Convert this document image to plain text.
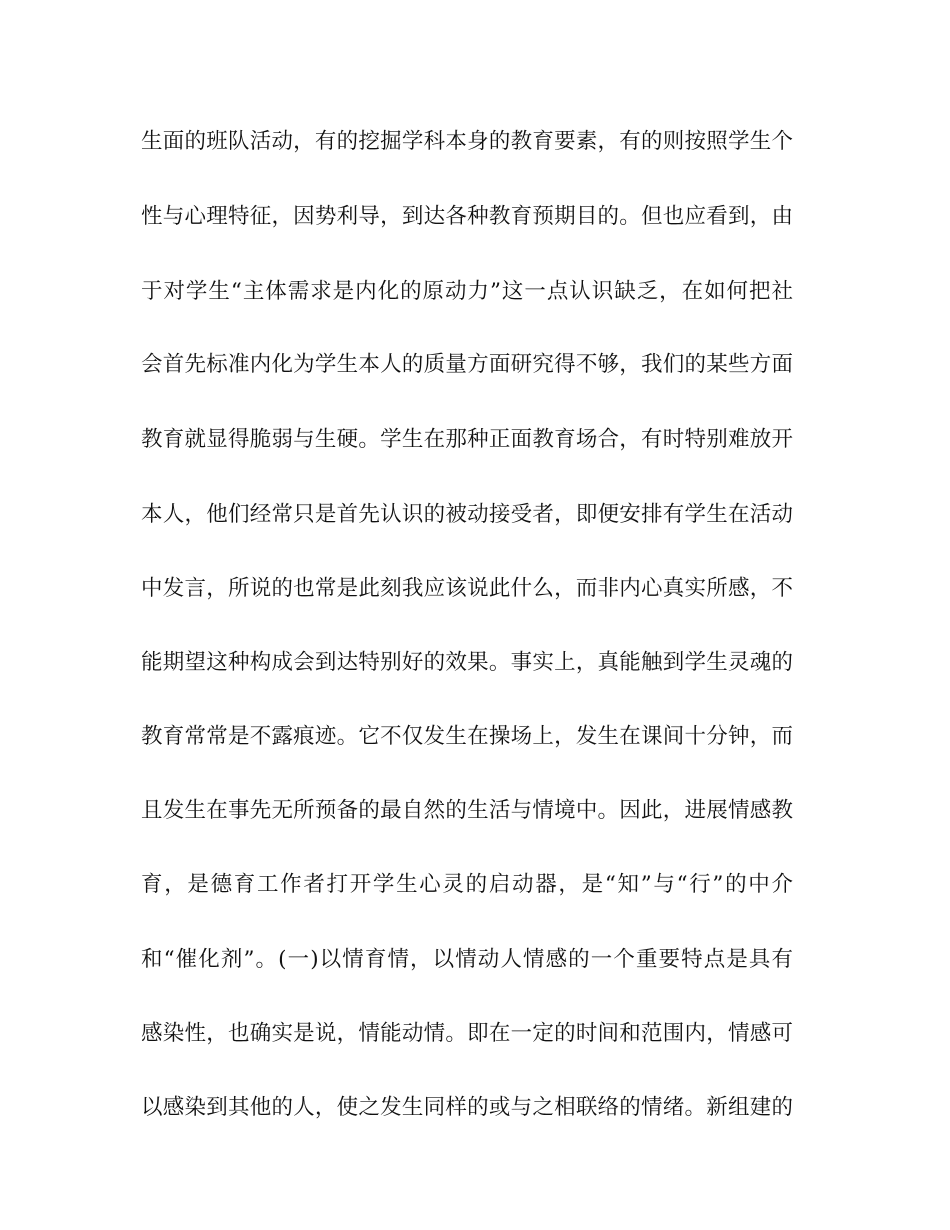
生面的班队活动，有的挖掘学科本身的教育要素，有的则按照学生个
性与心理特征，因势利导，到达各种教育预期目的。但也应看到，由
于对学生“主体需求是内化的原动力”这一点认识缺乏，在如何把社
会首先标准内化为学生本人的质量方面研究得不够，我们的某些方面
教育就显得脆弱与生硬。学生在那种正面教育场合，有时特别难放开
本人，他们经常只是首先认识的被动接受者，即便安排有学生在活动
中发言，所说的也常是此刻我应该说此什么，而非内心真实所感，不
能期望这种构成会到达特别好的效果。事实上，真能触到学生灵魂的
教育常常是不露痕迹。它不仅发生在操场上，发生在课间十分钟，而
且发生在事先无所预备的最自然的生活与情境中。因此，进展情感教
育，是德育工作者打开学生心灵的启动器，是“知”与“行”的中介
和“催化剂”。(一)以情育情，以情动人情感的一个重要特点是具有
感染性，也确实是说，情能动情。即在一定的时间和范围内，情感可
以感染到其他的人，使之发生同样的或与之相联络的情绪。新组建的
